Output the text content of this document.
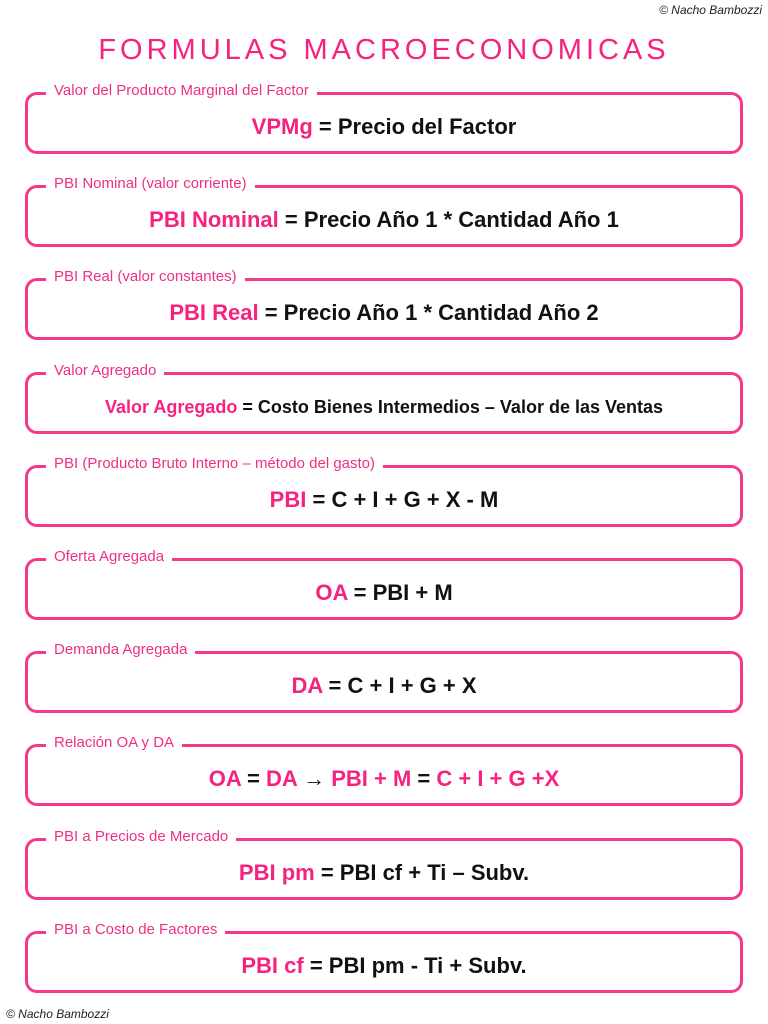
© Nacho Bambozzi
FORMULAS MACROECONOMICAS
Valor del Producto Marginal del Factor
VPMg = Precio del Factor
PBI Nominal (valor corriente)
PBI Nominal = Precio Año 1 * Cantidad Año 1
PBI Real (valor constantes)
PBI Real = Precio Año 1 * Cantidad Año 2
Valor Agregado
Valor Agregado = Costo Bienes Intermedios – Valor de las Ventas
PBI (Producto Bruto Interno – método del gasto)
PBI = C + I + G + X - M
Oferta Agregada
OA = PBI + M
Demanda Agregada
DA = C + I + G + X
Relación OA y DA
OA = DA → PBI + M = C + I + G +X
PBI a Precios de Mercado
PBI pm = PBI cf + Ti – Subv.
PBI a Costo de Factores
PBI cf = PBI pm - Ti + Subv.
© Nacho Bambozzi
